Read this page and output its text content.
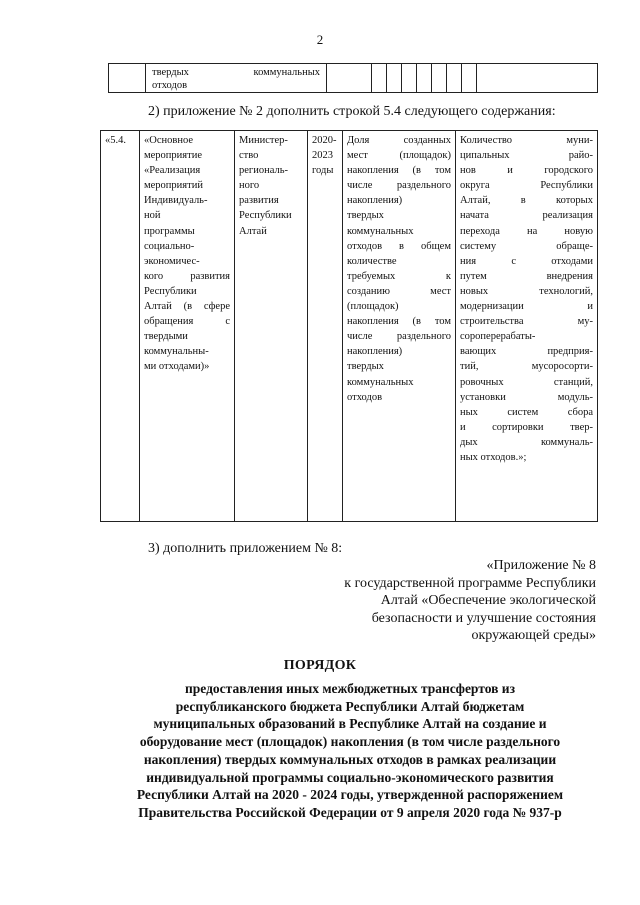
2

твердых	коммунальных
отходов

2) приложение № 2 дополнить строкой 5.4 следующего содержания:
«5.4.	«Основное
мероприятие
«Реализация
мероприятий
Индивидуаль-
ной
программы
социально-
экономичес-
кого	развития
Республики
Алтай (в сфере
обращения	с
твердыми
коммунальны-
ми отходами)»

Министер-
ство
региональ-
ного
развития
Республики
Алтай

2020-
2023
годы

Доля	созданных
мест	(площадок)
накопления (в том
числе раздельного
накопления)
твердых
коммунальных
отходов в общем
количестве
требуемых	к
созданию	мест
(площадок)
накопления (в том
числе раздельного
накопления)
твердых
коммунальных
отходов

Количество	муни-
ципальных	райо-
нов	и	городского
округа	Республики
Алтай,	в	которых
начата	реализация
перехода	на	новую
систему	обраще-
ния	с	отходами
путем	внедрения
новых	технологий,
модернизации	и
строительства	му-
сороперерабаты-
вающих	предприя-
тий,	мусоросорти-
ровочных	станций,
установки	модуль-
ных	систем	сбора
и	сортировки	твер-
дых	коммуналь-
ных отходов.»;
3) дополнить приложением № 8:
«Приложение № 8
к государственной программе Республики
Алтай «Обеспечение экологической
безопасности и улучшение состояния
окружающей среды»
ПОРЯДОК
предоставления иных межбюджетных трансфертов из
республиканского бюджета Республики Алтай бюджетам
муниципальных образований в Республике Алтай на создание и
оборудование мест (площадок) накопления (в том числе раздельного
накопления) твердых коммунальных отходов в рамках реализации
индивидуальной программы социально-экономического развития
Республики Алтай на 2020 - 2024 годы, утвержденной распоряжением
Правительства Российской Федерации от 9 апреля 2020 года № 937-р
